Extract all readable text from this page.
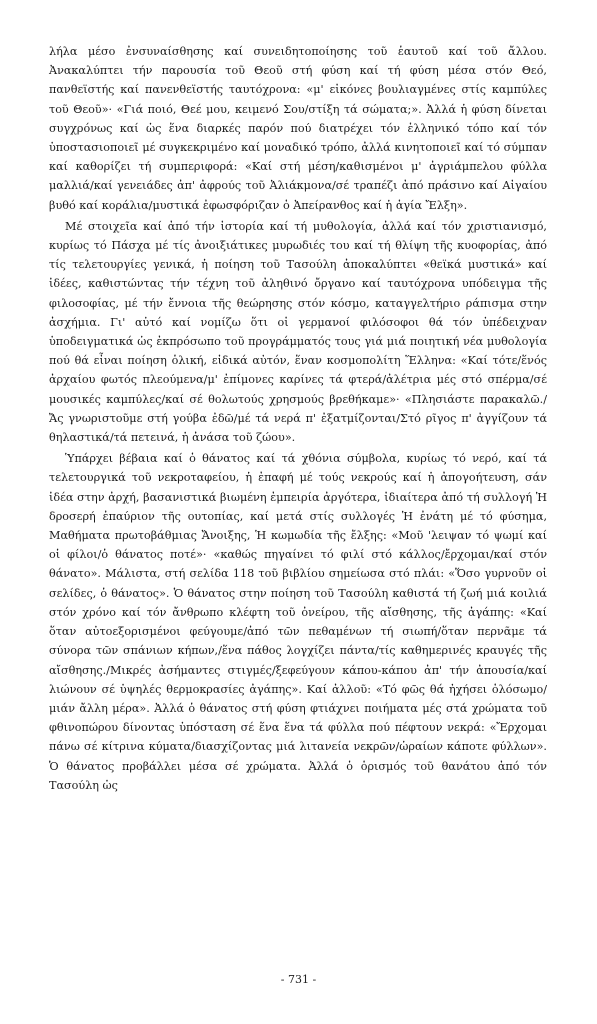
λήλα μέσο ἐνσυναίσθησης καί συνειδητοποίησης τοῦ ἑαυτοῦ καί τοῦ ἄλλου. Ἀνακαλύπτει τήν παρουσία τοῦ Θεοῦ στή φύση καί τή φύση μέσα στόν Θεό, πανθεϊστής καί πανενθεϊστής ταυτόχρονα: «μ' εἰκόνες βουλιαγμένες στίς καμπύλες τοῦ Θεοῦ»· «Γιά ποιό, Θεέ μου, κειμενό Σου/στίξη τά σώματα;». Ἀλλά ἡ φύση δίνεται συγχρόνως καί ὡς ἕνα διαρκές παρόν πού διατρέχει τόν ἑλληνικό τόπο καί τόν ὑποστασιοποιεῖ μέ συγκεκριμένο καί μοναδικό τρόπο, ἀλλά κινητοποιεῖ καί τό σύμπαν καί καθορίζει τή συμπεριφορά: «Καί στή μέση/καθισμένοι μ' ἀγριάμπελου φύλλα μαλλιά/καί γενειάδες ἀπ' ἀφρούς τοῦ Ἀλιάκμονα/σέ τραπέζι ἀπό πράσινο καί Αἰγαίου βυθό καί κοράλια/μυστικά ἐφωσφόριζαν ὁ Ἀπείρανθος καί ἡ ἁγία Ἔλξη».

Μέ στοιχεῖα καί ἀπό τήν ἱστορία καί τή μυθολογία, ἀλλά καί τόν χριστιανισμό, κυρίως τό Πάσχα μέ τίς ἀνοιξιάτικες μυρωδιές του καί τή θλίψη τῆς κυοφορίας, ἀπό τίς τελετουργίες γενικά, ἡ ποίηση τοῦ Τασούλη ἀποκαλύπτει «θεϊκά μυστικά» καί ἰδέες, καθιστώντας τήν τέχνη τοῦ ἀληθινό ὄργανο καί ταυτόχρονα υπόδειγμα τῆς φιλοσοφίας, μέ τήν ἔννοια τῆς θεώρησης στόν κόσμο, καταγγελτήριο ράπισμα στην ἀσχήμια. Γι' αὐτό καί νομίζω ὅτι οἱ γερμανοί φιλόσοφοι θά τόν ὑπέδειχναν ὑποδειγματικά ὡς ἐκπρόσωπο τοῦ προγράμματός τους γιά μιά ποιητική νέα μυθολογία πού θά εἶναι ποίηση ὁλική, εἰδικά αὐτόν, ἕναν κοσμοπολίτη Ἕλληνα: «Καί τότε/ἕνός ἀρχαίου φωτός πλεούμενα/μ' ἐπίμονες καρίνες τά φτερά/ἀλέτρια μές στό σπέρμα/σέ μουσικές καμπύλες/καί σέ θολωτούς χρησμούς βρεθήκαμε»· «Πλησιάστε παρακαλῶ./Ἄς γνωριστοῦμε στή γούβα ἐδῶ/μέ τά νερά π' ἐξατμίζονται/Στό ρῖγος π' ἀγγίζουν τά θηλαστικά/τά πετεινά, ἡ ἀνάσα τοῦ ζώου».

Ὑπάρχει βέβαια καί ὁ θάνατος καί τά χθόνια σύμβολα, κυρίως τό νερό, καί τά τελετουργικά τοῦ νεκροταφείου, ἡ ἐπαφή μέ τούς νεκρούς καί ἡ ἀπογοήτευση, σάν ἰδέα στην ἀρχή, βασανιστικά βιωμένη ἐμπειρία ἀργότερα, ἰδιαίτερα ἀπό τή συλλογή Ἡ δροσερή ἐπαύριον τῆς ουτοπίας, καί μετά στίς συλλογές Ἡ ἐνάτη μέ τό φύσημα, Μαθήματα πρωτοβάθμιας Ἄνοιξης, Ἡ κωμωδία τῆς ἔλξης: «Μοῦ 'λειψαν τό ψωμί καί οἱ φίλοι/ὁ θάνατος ποτέ»· «καθώς πηγαίνει τό φιλί στό κάλλος/ἔρχομαι/καί στόν θάνατο». Μάλιστα, στή σελίδα 118 τοῦ βιβλίου σημείωσα στό πλάι: «Ὅσο γυρνοῦν οἱ σελίδες, ὁ θάνατος». Ὁ θάνατος στην ποίηση τοῦ Τασούλη καθιστά τή ζωή μιά κοιλιά στόν χρόνο καί τόν ἄνθρωπο κλέφτη τοῦ ὀνείρου, τῆς αἴσθησης, τῆς ἀγάπης: «Καί ὅταν αὐτοεξορισμένοι φεύγουμε/ἀπό τῶν πεθαμένων τή σιωπή/ὅταν περνᾶμε τά σύνορα τῶν σπάνιων κήπων,/ἕνα πάθος λογχίζει πάντα/τίς καθημερινές κραυγές τῆς αἴσθησης./Μικρές ἀσήμαντες στιγμές/ξεφεύγουν κάπου-κάπου ἀπ' τήν ἀπουσία/καί λιώνουν σέ ὑψηλές θερμοκρασίες ἀγάπης». Καί ἀλλοῦ: «Τό φῶς θά ἠχήσει ὁλόσωμο/μιάν ἄλλη μέρα». Ἀλλά ὁ θάνατος στή φύση φτιάχνει ποιήματα μές στά χρώματα τοῦ φθινοπώρου δίνοντας ὑπόσταση σέ ἕνα ἕνα τά φύλλα πού πέφτουν νεκρά: «Ἔρχομαι πάνω σέ κίτρινα κύματα/διασχίζοντας μιά λιτανεία νεκρῶν/ὡραίων κάποτε φύλλων». Ὁ θάνατος προβάλλει μέσα σέ χρώματα. Ἀλλά ὁ ὁρισμός τοῦ θανάτου ἀπό τόν Τασούλη ὡς

- 731 -
